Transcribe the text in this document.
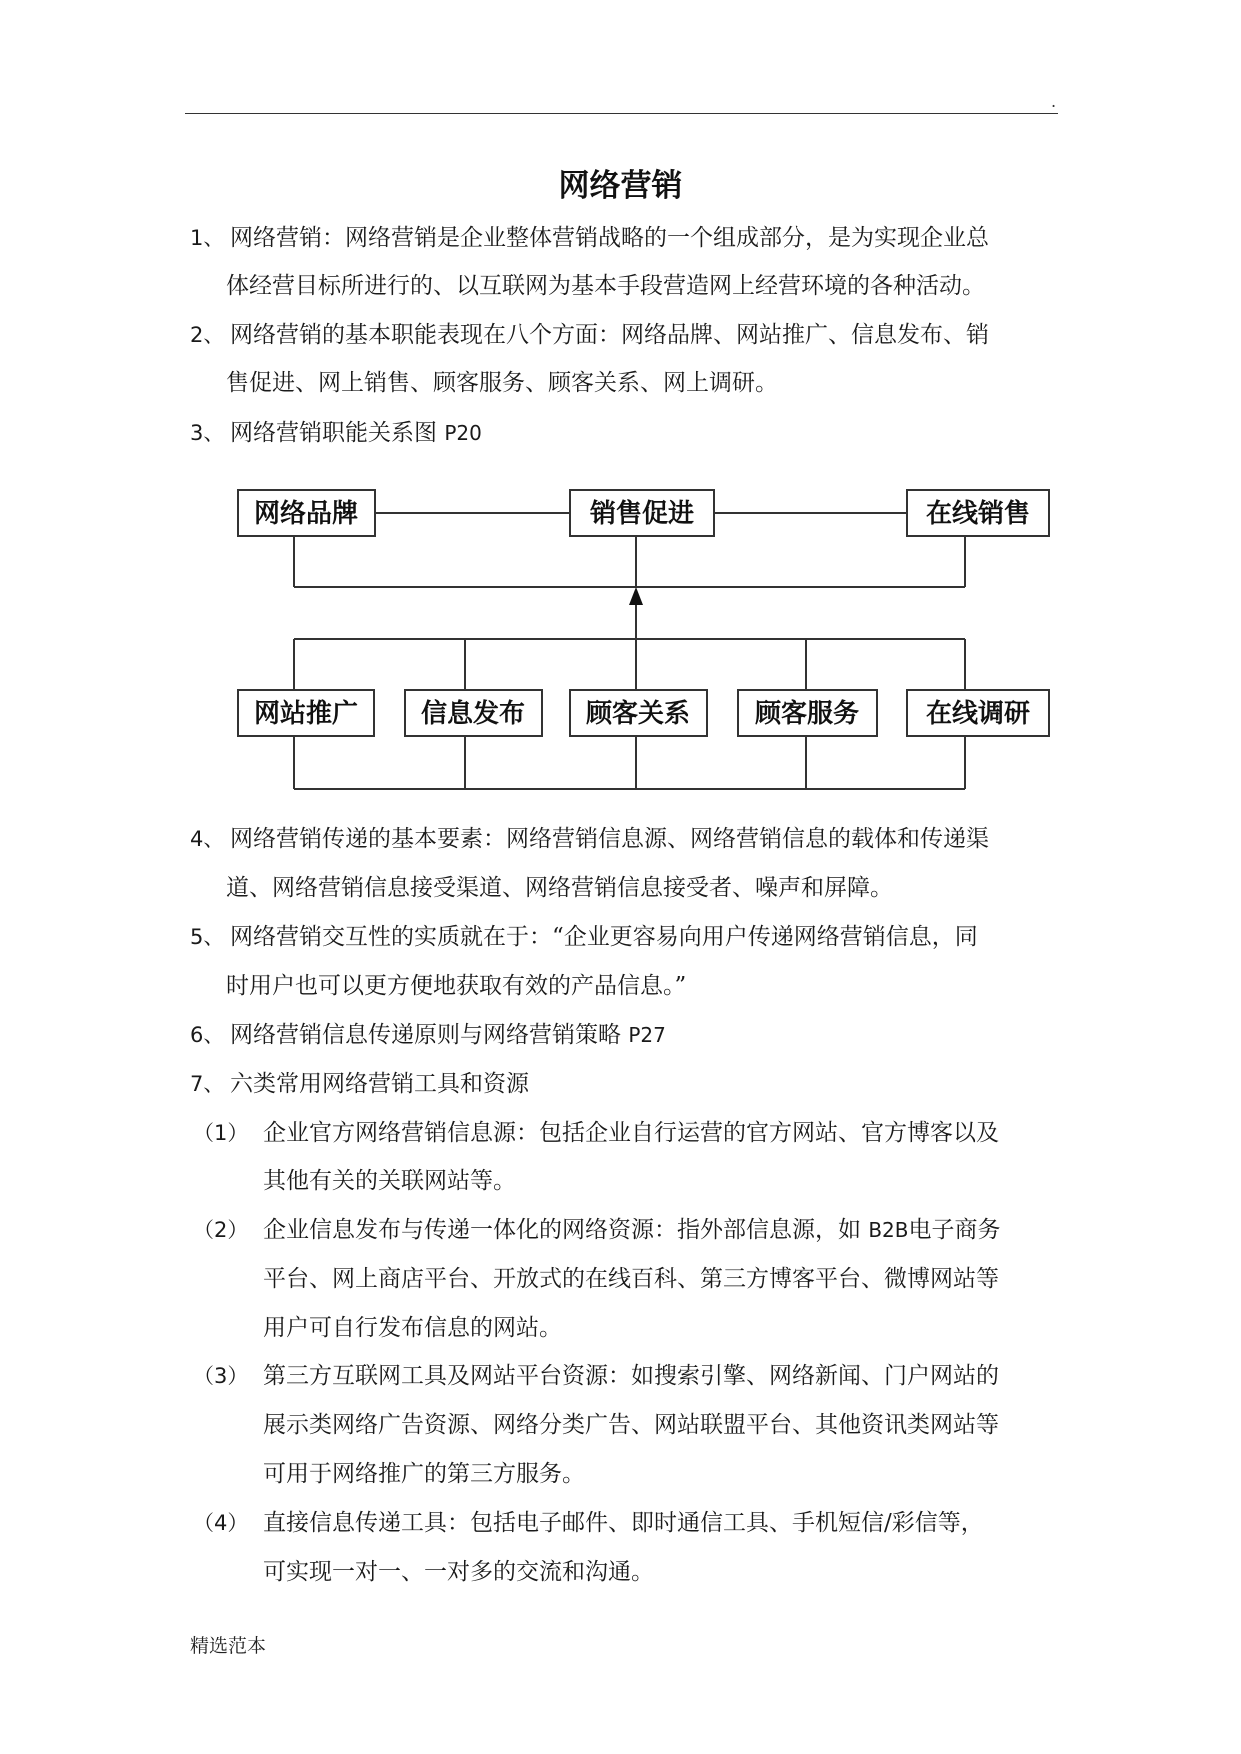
.
网络营销
1、 网络营销：网络营销是企业整体营销战略的一个组成部分，是为实现企业总
体经营目标所进行的、以互联网为基本手段营造网上经营环境的各种活动。
2、 网络营销的基本职能表现在八个方面：网络品牌、网站推广、信息发布、销
售促进、网上销售、顾客服务、顾客关系、网上调研。
3、 网络营销职能关系图 P20
网络品牌	销售促进	在线销售
网站推广 信息发布 顾客关系 顾客服务	在线调研
4、 网络营销传递的基本要素：网络营销信息源、网络营销信息的载体和传递渠
道、网络营销信息接受渠道、网络营销信息接受者、噪声和屏障。
5、 网络营销交互性的实质就在于：“企业更容易向用户传递网络营销信息，同
时用户也可以更方便地获取有效的产品信息。”
6、 网络营销信息传递原则与网络营销策略 P27
7、 六类常用网络营销工具和资源
（1） 企业官方网络营销信息源：包括企业自行运营的官方网站、官方博客以及
其他有关的关联网站等。
（2） 企业信息发布与传递一体化的网络资源：指外部信息源，如 B2B电子商务
平台、网上商店平台、开放式的在线百科、第三方博客平台、微博网站等
用户可自行发布信息的网站。
（3） 第三方互联网工具及网站平台资源：如搜索引擎、网络新闻、门户网站的
展示类网络广告资源、网络分类广告、网站联盟平台、其他资讯类网站等
可用于网络推广的第三方服务。
（4） 直接信息传递工具：包括电子邮件、即时通信工具、手机短信/彩信等，
可实现一对一、一对多的交流和沟通。
精选范本
